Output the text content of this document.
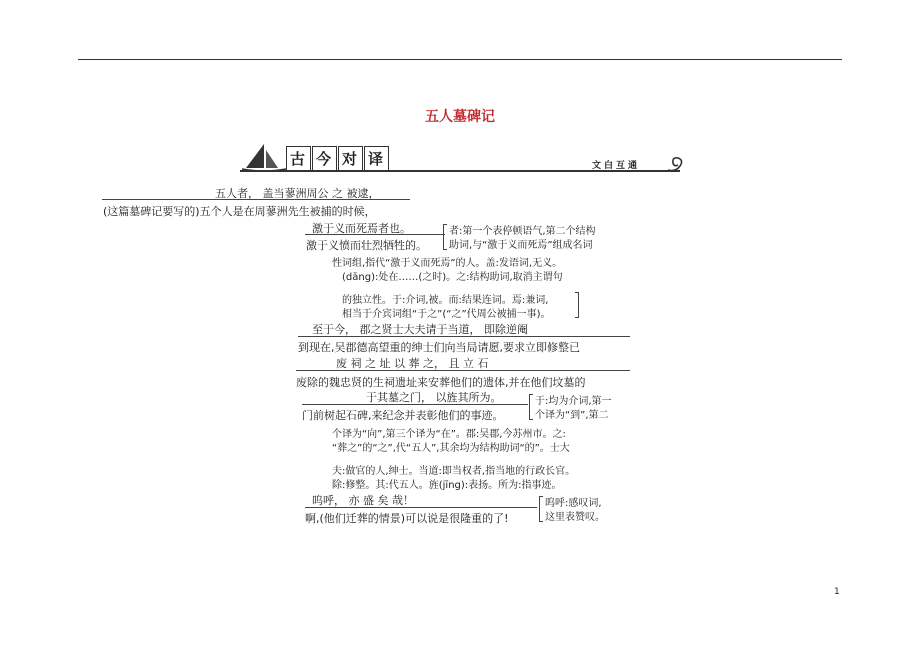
五人墓碑记
古 今 对 译	文白互通
五人者， 盖当蓼洲周公 之 被逮，
(这篇墓碑记要写的)五个人是在周蓼洲先生被捕的时候，
激于义而死焉者也。
激于义愤而壮烈牺牲的。
者:第一个表停顿语气,第二个结构
助词,与“激于义而死焉”组成名词
性词组,指代“激于义而死焉”的人。盖:发语词,无义。
(dāng):处在……(之时)。之:结构助词,取消主谓句
的独立性。于:介词,被。而:结果连词。焉:兼词,
相当于介宾词组“于之”(“之”代周公被捕一事)。
至于今， 郡之贤士大夫请于当道， 即除逆阉
到现在,吴郡德高望重的绅士们向当局请愿,要求立即修整已
废 祠 之 址 以 葬 之， 且 立 石
废除的魏忠贤的生祠遗址来安葬他们的遗体,并在他们坟墓的
于其墓之门， 以旌其所为。
门前树起石碑,来纪念并表彰他们的事迹。
于:均为介词,第一
个译为“到”,第二
个译为“向”,第三个译为“在”。郡:吴郡,今苏州市。之:
“葬之”的“之”,代“五人”,其余均为结构助词“的”。士大
夫:做官的人,绅士。当道:即当权者,指当地的行政长官。
除:修整。其:代五人。旌(jīng):表扬。所为:指事迹。
呜呼， 亦 盛 矣 哉！
啊,(他们迁葬的情景)可以说是很隆重的了!
呜呼:感叹词,
这里表赞叹。
1
